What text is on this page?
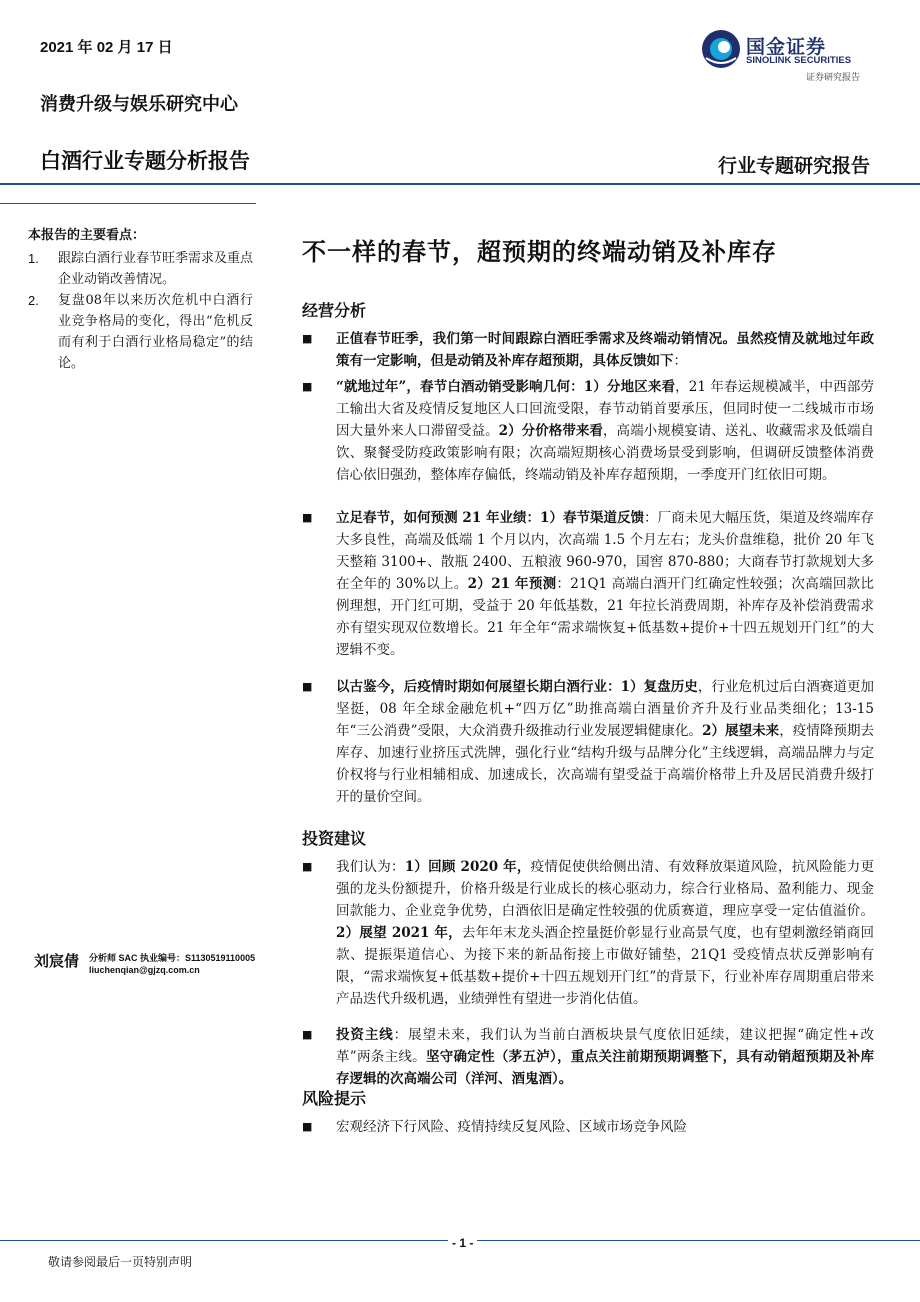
2021 年 02 月 17 日
消费升级与娱乐研究中心
白酒行业专题分析报告	行业专题研究报告
国金证券
SINOLINK SECURITIES
证券研究报告
本报告的主要看点：
1.	跟踪白酒行业春节旺季需求及重点企业动销改善情况。
2.	复盘08年以来历次危机中白酒行业竞争格局的变化，得出“危机反而有利于白酒行业格局稳定”的结论。
刘宸倩 分析师 SAC 执业编号：S1130519110005
liuchenqian@gjzq.com.cn
不一样的春节，超预期的终端动销及补库存
经营分析
■	正值春节旺季，我们第一时间跟踪白酒旺季需求及终端动销情况。虽然疫情及就地过年政策有一定影响，但是动销及补库存超预期，具体反馈如下：
■	“就地过年”，春节白酒动销受影响几何：1）分地区来看，21 年春运规模减半，中西部劳工输出大省及疫情反复地区人口回流受限，春节动销首要承压，但同时使一二线城市市场因大量外来人口滞留受益。2）分价格带来看，高端小规模宴请、送礼、收藏需求及低端自饮、聚餐受防疫政策影响有限；次高端短期核心消费场景受到影响，但调研反馈整体消费信心依旧强劲，整体库存偏低，终端动销及补库存超预期，一季度开门红依旧可期。
■	立足春节，如何预测 21 年业绩：1）春节渠道反馈：厂商未见大幅压货，渠道及终端库存大多良性，高端及低端 1 个月以内，次高端 1.5 个月左右；龙头价盘维稳，批价 20 年飞天整箱 3100+、散瓶 2400、五粮液 960-970，国窖 870-880；大商春节打款规划大多在全年的 30%以上。2）21 年预测：21Q1 高端白酒开门红确定性较强；次高端回款比例理想，开门红可期，受益于 20 年低基数，21 年拉长消费周期，补库存及补偿消费需求亦有望实现双位数增长。21 年全年“需求端恢复+低基数+提价+十四五规划开门红”的大逻辑不变。
■	以古鉴今，后疫情时期如何展望长期白酒行业：1）复盘历史，行业危机过后白酒赛道更加坚挺，08 年全球金融危机+“四万亿”助推高端白酒量价齐升及行业品类细化；13-15 年“三公消费”受限，大众消费升级推动行业发展逻辑健康化。2）展望未来，疫情降预期去库存、加速行业挤压式洗牌，强化行业“结构升级与品牌分化”主线逻辑，高端品牌力与定价权将与行业相辅相成、加速成长，次高端有望受益于高端价格带上升及居民消费升级打开的量价空间。
投资建议
■	我们认为：1）回顾 2020 年，疫情促使供给侧出清、有效释放渠道风险，抗风险能力更强的龙头份额提升，价格升级是行业成长的核心驱动力，综合行业格局、盈利能力、现金回款能力、企业竞争优势，白酒依旧是确定性较强的优质赛道，理应享受一定估值溢价。2）展望 2021 年，去年年末龙头酒企控量挺价彰显行业高景气度，也有望刺激经销商回款、提振渠道信心、为接下来的新品衔接上市做好铺垫，21Q1 受疫情点状反弹影响有限，“需求端恢复+低基数+提价+十四五规划开门红”的背景下，行业补库存周期重启带来产品迭代升级机遇，业绩弹性有望进一步消化估值。
■	投资主线：展望未来，我们认为当前白酒板块景气度依旧延续，建议把握“确定性+改革”两条主线。坚守确定性（茅五泸），重点关注前期预期调整下，具有动销超预期及补库存逻辑的次高端公司（洋河、酒鬼酒）。
风险提示
■	宏观经济下行风险、疫情持续反复风险、区域市场竞争风险
- 1 -
敬请参阅最后一页特别声明
